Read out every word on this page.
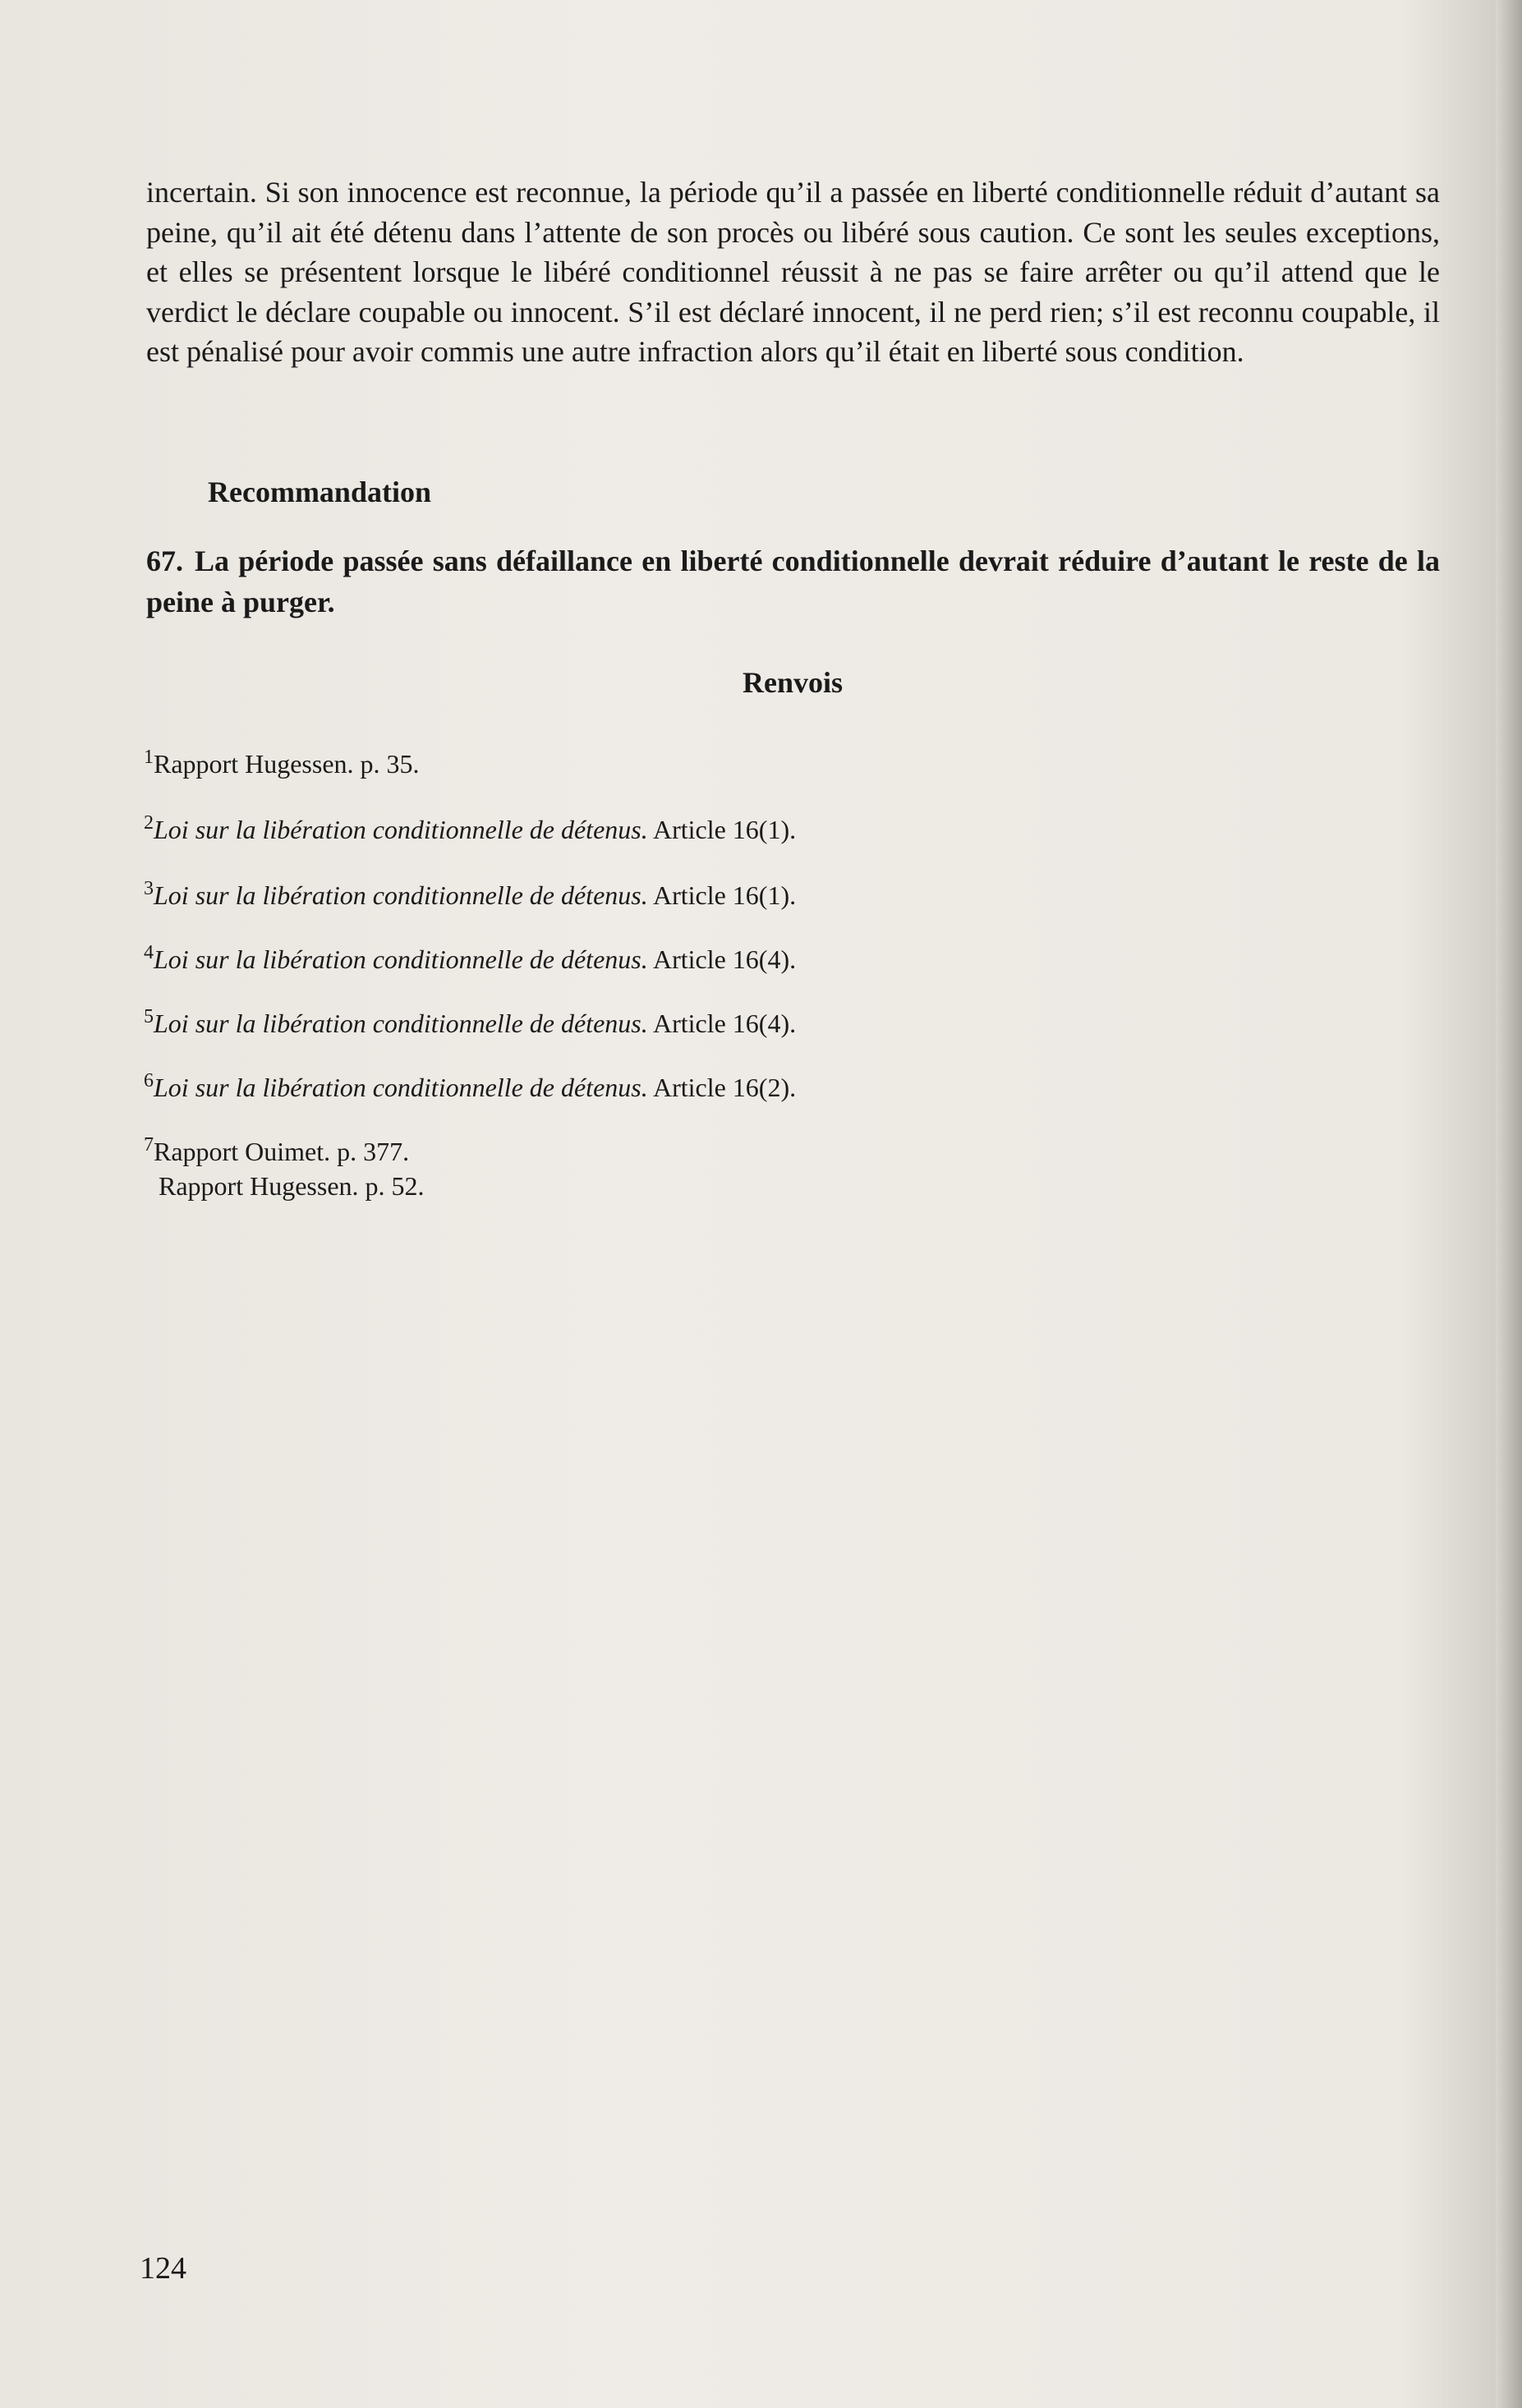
incertain. Si son innocence est reconnue, la période qu’il a passée en liberté conditionnelle réduit d’autant sa peine, qu’il ait été détenu dans l’attente de son procès ou libéré sous caution. Ce sont les seules exceptions, et elles se présentent lorsque le libéré conditionnel réussit à ne pas se faire arrêter ou qu’il attend que le verdict le déclare coupable ou innocent. S’il est déclaré innocent, il ne perd rien; s’il est reconnu coupable, il est pénalisé pour avoir commis une autre infraction alors qu’il était en liberté sous condition.

Recommandation

67. La période passée sans défaillance en liberté conditionnelle devrait réduire d’autant le reste de la peine à purger.

Renvois

$^1$Rapport Hugessen. p. 35.

$^2$Loi sur la libération conditionnelle de détenus. Article 16(1).

$^3$Loi sur la libération conditionnelle de détenus. Article 16(1).

$^4$Loi sur la libération conditionnelle de détenus. Article 16(4).

$^5$Loi sur la libération conditionnelle de détenus. Article 16(4).

$^6$Loi sur la libération conditionnelle de détenus. Article 16(2).

$^7$Rapport Ouimet. p. 377.

Rapport Hugessen. p. 52.

124
